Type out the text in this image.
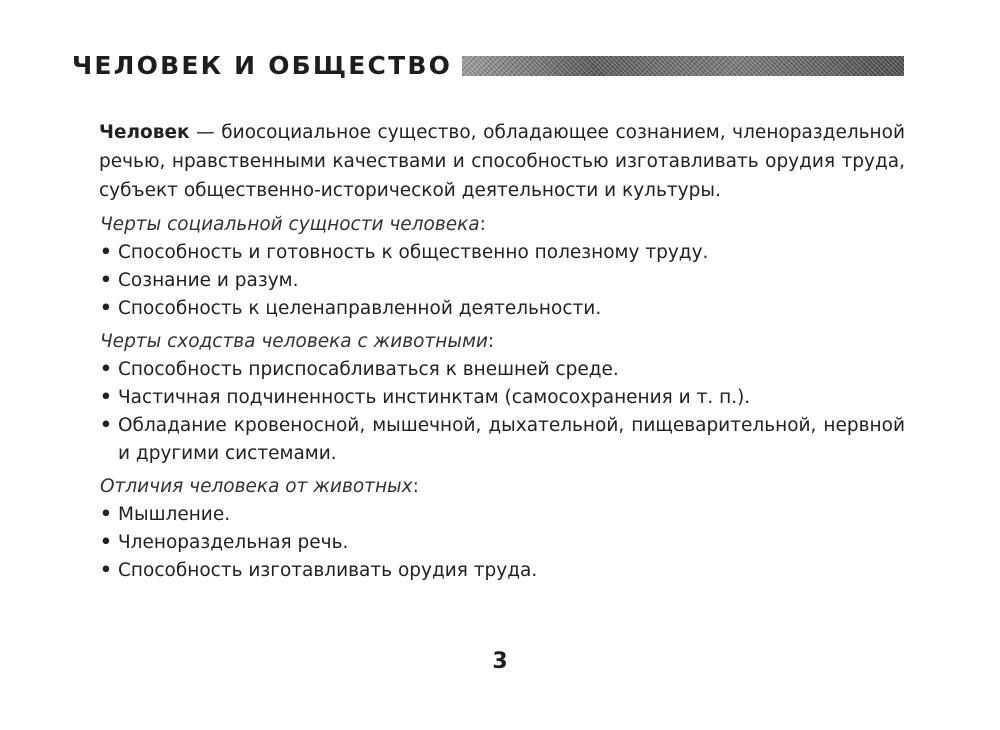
ЧЕЛОВЕК И ОБЩЕСТВО

Человек — биосоциальное существо, обладающее сознанием, членораздельной речью, нравственными качествами и способностью изготавливать орудия труда, субъект общественно-исторической деятельности и культуры.

Черты социальной сущности человека:
• Способность и готовность к общественно полезному труду.
• Сознание и разум.
• Способность к целенаправленной деятельности.
Черты сходства человека с животными:
• Способность приспосабливаться к внешней среде.
• Частичная подчиненность инстинктам (самосохранения и т. п.).
• Обладание кровеносной, мышечной, дыхательной, пищеварительной, нервной и другими системами.
Отличия человека от животных:
• Мышление.
• Членораздельная речь.
• Способность изготавливать орудия труда.
3
